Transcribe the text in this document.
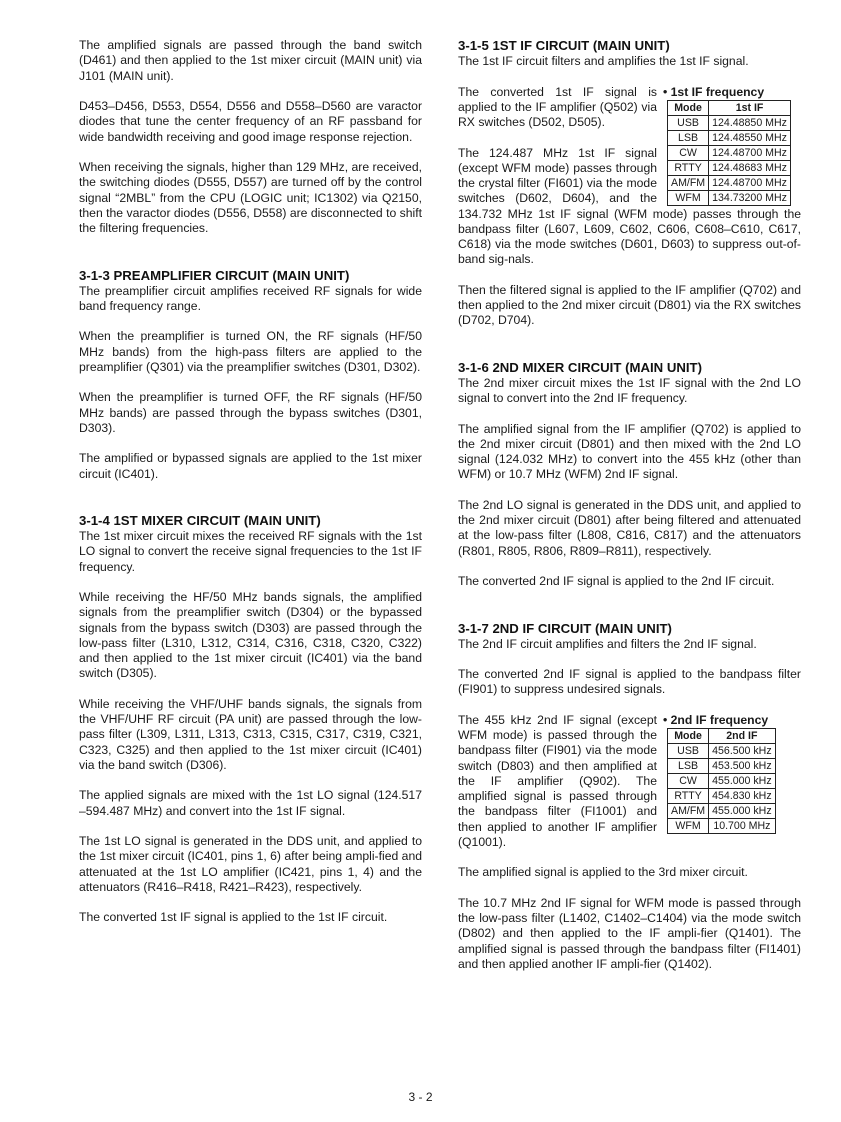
The amplified signals are passed through the band switch (D461) and then applied to the 1st mixer circuit (MAIN unit) via J101 (MAIN unit).

D453–D456, D553, D554, D556 and D558–D560 are varactor diodes that tune the center frequency of an RF passband for wide bandwidth receiving and good image response rejection.

When receiving the signals, higher than 129 MHz, are received, the switching diodes (D555, D557) are turned off by the control signal “2MBL” from the CPU (LOGIC unit; IC1302) via Q2150, then the varactor diodes (D556, D558) are disconnected to shift the filtering frequencies.

3-1-3 PREAMPLIFIER CIRCUIT (MAIN UNIT)

The preamplifier circuit amplifies received RF signals for wide band frequency range.

When the preamplifier is turned ON, the RF signals (HF/50 MHz bands) from the high-pass filters are applied to the preamplifier (Q301) via the preamplifier switches (D301, D302).

When the preamplifier is turned OFF, the RF signals (HF/50 MHz bands) are passed through the bypass switches (D301, D303).

The amplified or bypassed signals are applied to the 1st mixer circuit (IC401).

3-1-4 1ST MIXER CIRCUIT (MAIN UNIT)

The 1st mixer circuit mixes the received RF signals with the 1st LO signal to convert the receive signal frequencies to the 1st IF frequency.

While receiving the HF/50 MHz bands signals, the amplified signals from the preamplifier switch (D304) or the bypassed signals from the bypass switch (D303) are passed through the low-pass filter (L310, L312, C314, C316, C318, C320, C322) and then applied to the 1st mixer circuit (IC401) via the band switch (D305).

While receiving the VHF/UHF bands signals, the signals from the VHF/UHF RF circuit (PA unit) are passed through the low-pass filter (L309, L311, L313, C313, C315, C317, C319, C321, C323, C325) and then applied to the 1st mixer circuit (IC401) via the band switch (D306).

The applied signals are mixed with the 1st LO signal (124.517 –594.487 MHz) and convert into the 1st IF signal.

The 1st LO signal is generated in the DDS unit, and applied to the 1st mixer circuit (IC401, pins 1, 6) after being ampli-fied and attenuated at the 1st LO amplifier (IC421, pins 1, 4) and the attenuators (R416–R418, R421–R423), respectively.

The converted 1st IF signal is applied to the 1st IF circuit.

3-1-5 1ST IF CIRCUIT (MAIN UNIT)

The 1st IF circuit filters and amplifies the 1st IF signal.

• 1st IF frequency
Mode	1st IF
USB	124.48850 MHz
LSB	124.48550 MHz
CW	124.48700 MHz
RTTY	124.48683 MHz
AM/FM	124.48700 MHz
WFM	134.73200 MHz

The converted 1st IF signal is applied to the IF amplifier (Q502) via RX switches (D502, D505).

The 124.487 MHz 1st IF signal (except WFM mode) passes through the crystal filter (FI601) via the mode switches (D602, D604), and the 134.732 MHz 1st IF signal (WFM mode) passes through the bandpass filter (L607, L609, C602, C606, C608–C610, C617, C618) via the mode switches (D601, D603) to suppress out-of-band sig-nals.

Then the filtered signal is applied to the IF amplifier (Q702) and then applied to the 2nd mixer circuit (D801) via the RX switches (D702, D704).

3-1-6 2ND MIXER CIRCUIT (MAIN UNIT)

The 2nd mixer circuit mixes the 1st IF signal with the 2nd LO signal to convert into the 2nd IF frequency.

The amplified signal from the IF amplifier (Q702) is applied to the 2nd mixer circuit (D801) and then mixed with the 2nd LO signal (124.032 MHz) to convert into the 455 kHz (other than WFM) or 10.7 MHz (WFM) 2nd IF signal.

The 2nd LO signal is generated in the DDS unit, and applied to the 2nd mixer circuit (D801) after being filtered and attenuated at the low-pass filter (L808, C816, C817) and the attenuators (R801, R805, R806, R809–R811), respectively.

The converted 2nd IF signal is applied to the 2nd IF circuit.

3-1-7 2ND IF CIRCUIT (MAIN UNIT)

The 2nd IF circuit amplifies and filters the 2nd IF signal.

The converted 2nd IF signal is applied to the bandpass filter (FI901) to suppress undesired signals.

• 2nd IF frequency
Mode	2nd IF
USB	456.500 kHz
LSB	453.500 kHz
CW	455.000 kHz
RTTY	454.830 kHz
AM/FM	455.000 kHz
WFM	10.700 MHz

The 455 kHz 2nd IF signal (except WFM mode) is passed through the bandpass filter (FI901) via the mode switch (D803) and then amplified at the IF amplifier (Q902). The amplified signal is passed through the bandpass filter (FI1001) and then applied to another IF amplifier (Q1001).

The amplified signal is applied to the 3rd mixer circuit.

The 10.7 MHz 2nd IF signal for WFM mode is passed through the low-pass filter (L1402, C1402–C1404) via the mode switch (D802) and then applied to the IF ampli-fier (Q1401). The amplified signal is passed through the bandpass filter (FI1401) and then applied another IF ampli-fier (Q1402).

3 - 2
